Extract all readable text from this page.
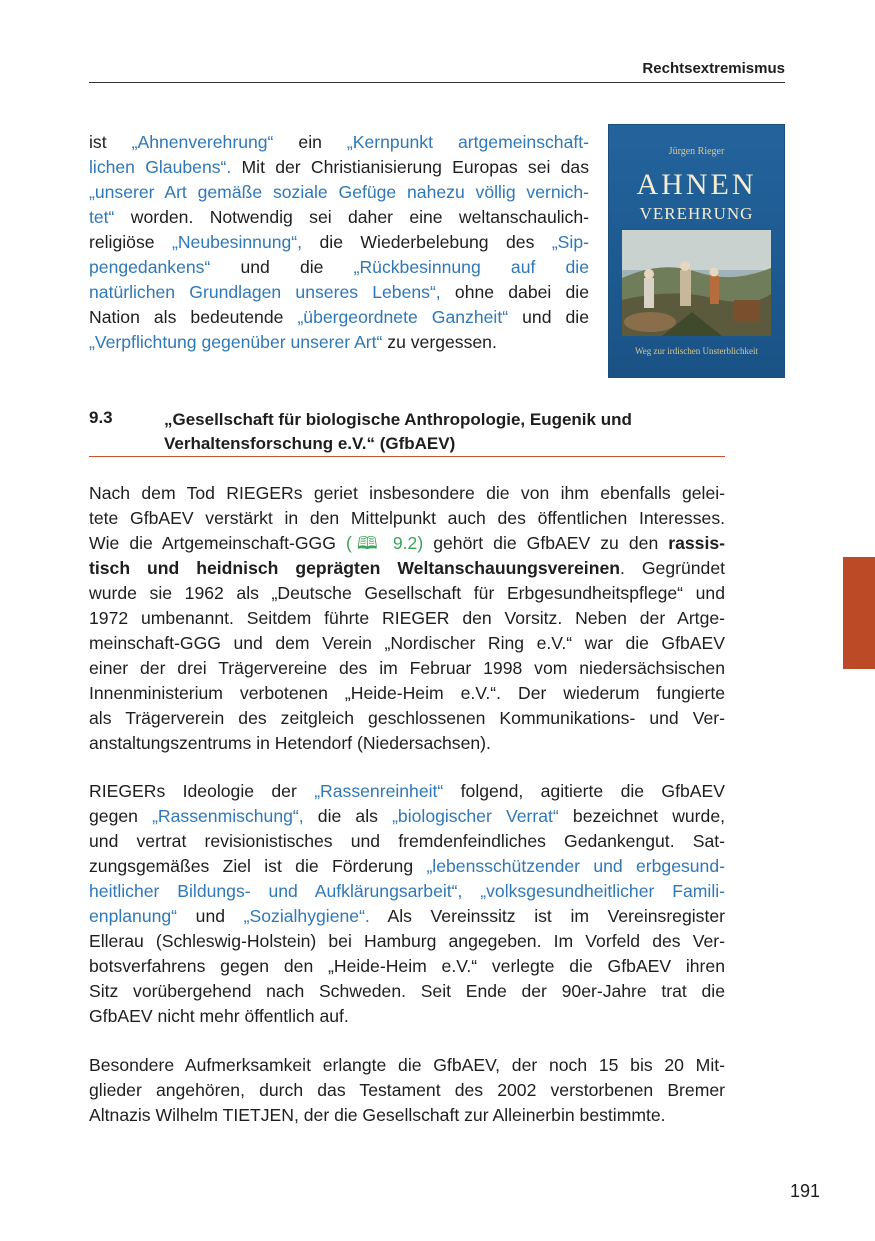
Rechtsextremismus
ist „Ahnenverehrung“ ein „Kernpunkt artgemeinschaft-
lichen Glaubens“. Mit der Christianisierung Europas sei das
„unserer Art gemäße soziale Gefüge nahezu völlig vernich-
tet“ worden. Notwendig sei daher eine weltanschaulich-
religiöse „Neubesinnung“, die Wiederbelebung des „Sip-
pengedankens“ und die „Rückbesinnung auf die
natürlichen Grundlagen unseres Lebens“, ohne dabei die
Nation als bedeutende „übergeordnete Ganzheit“ und die
„Verpflichtung gegenüber unserer Art“ zu vergessen.
Jürgen Rieger
AHNEN
VEREHRUNG
Weg zur irdischen Unsterblichkeit
9.3	„Gesellschaft für biologische Anthropologie, Eugenik und
Verhaltensforschung e.V.“ (GfbAEV)
Nach dem Tod RIEGERs geriet insbesondere die von ihm ebenfalls gelei-
tete GfbAEV verstärkt in den Mittelpunkt auch des öffentlichen Interesses.
Wie die Artgemeinschaft-GGG (🕮 9.2) gehört die GfbAEV zu den rassis-
tisch und heidnisch geprägten Weltanschauungsvereinen. Gegründet
wurde sie 1962 als „Deutsche Gesellschaft für Erbgesundheitspflege“ und
1972 umbenannt. Seitdem führte RIEGER den Vorsitz. Neben der Artge-
meinschaft-GGG und dem Verein „Nordischer Ring e.V.“ war die GfbAEV
einer der drei Trägervereine des im Februar 1998 vom niedersächsischen
Innenministerium verbotenen „Heide-Heim e.V.“. Der wiederum fungierte
als Trägerverein des zeitgleich geschlossenen Kommunikations- und Ver-
anstaltungszentrums in Hetendorf (Niedersachsen).
RIEGERs Ideologie der „Rassenreinheit“ folgend, agitierte die GfbAEV
gegen „Rassenmischung“, die als „biologischer Verrat“ bezeichnet wurde,
und vertrat revisionistisches und fremdenfeindliches Gedankengut. Sat-
zungsgemäßes Ziel ist die Förderung „lebensschützender und erbgesund-
heitlicher Bildungs- und Aufklärungsarbeit“, „volksgesundheitlicher Famili-
enplanung“ und „Sozialhygiene“. Als Vereinssitz ist im Vereinsregister
Ellerau (Schleswig-Holstein) bei Hamburg angegeben. Im Vorfeld des Ver-
botsverfahrens gegen den „Heide-Heim e.V.“ verlegte die GfbAEV ihren
Sitz vorübergehend nach Schweden. Seit Ende der 90er-Jahre trat die
GfbAEV nicht mehr öffentlich auf.
Besondere Aufmerksamkeit erlangte die GfbAEV, der noch 15 bis 20 Mit-
glieder angehören, durch das Testament des 2002 verstorbenen Bremer
Altnazis Wilhelm TIETJEN, der die Gesellschaft zur Alleinerbin bestimmte.
191
